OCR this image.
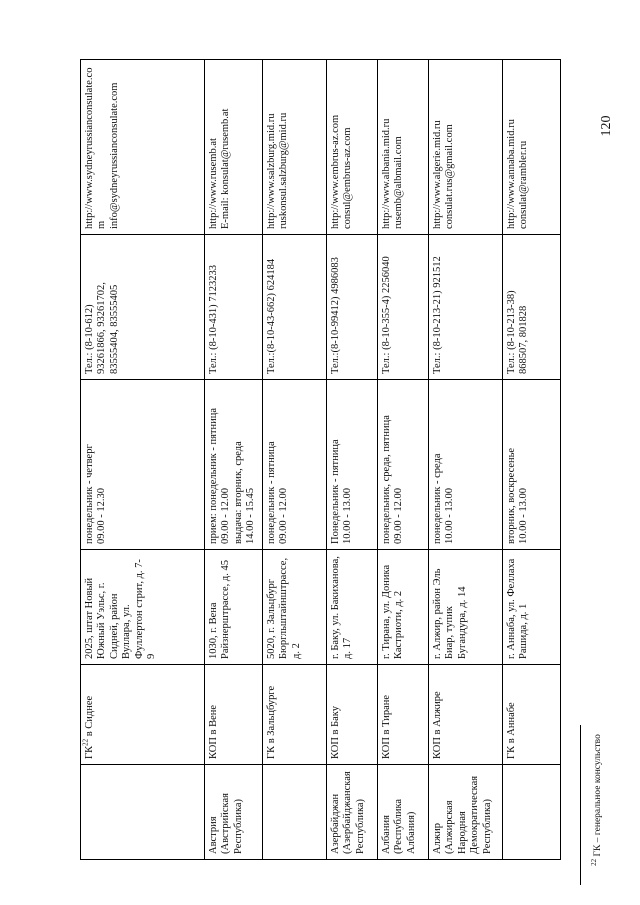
120
	ГК$^{22}$ в Сиднее	2025, штат Новый Южный Уэльс, г. Сидней, район Вуллара, ул. Фуллертон стрит, д. 7-9	понедельник - четверг
09.00 - 12.30	Тел.: (8-10-612)
93261866, 93261702,
83555404, 83555405	http://www.sydneyrussianconsulate.com
info@sydneyrussianconsulate.com
Австрия
(Австрийская
Республика)	КОП в Вене	1030, г. Вена
Райзнерштрассе, д. 45	прием: понедельник - пятница
09.00 - 12.00
выдача: вторник, среда
14.00 - 15.45	Тел.: (8-10-431) 7123233	http://www.rusemb.at
E-mail: konsulat@rusemb.at
	ГК в Зальцбурге	5020, г. Зальцбург
Бюргльштайнштрассе, д. 2	понедельник - пятница
09.00 - 12.00	Тел.:(8-10-43-662) 624184	http://www.salzburg.mid.ru
ruskonsul.salzburg@mid.ru
Азербайджан
(Азербайджанская
Республика)	КОП в Баку	г. Баку, ул. Бакиханова, д. 17	Понедельник - пятница
10.00 - 13.00	Тел.:(8-10-99412) 4986083	http://www.embrus-az.com
consul@embrus-az.com
Албания
(Республика
Албания)	КОП в Тиране	г. Тирана, ул. Доника Кастриоти, д. 2	понедельник, среда, пятница
09.00 - 12.00	Тел.: (8-10-355-4) 2256040	http://www.albania.mid.ru
rusemb@albmail.com
Алжир
(Алжирская
Народная
Демократическая
Республика)	КОП в Алжире	г. Алжир, район Эль Биар, тупик Бугандура, д. 14	понедельник - среда
10.00 - 13.00	Тел.: (8-10-213-21) 921512	http://www.algerie.mid.ru
consulat.rus@gmail.com
	ГК в Аннабе	г. Аннаба, ул. Феллаха Рашида, д. 1	вторник, воскресенье
10.00 - 13.00	Тел.: (8-10-213-38)
868507, 801828	http://www.annaba.mid.ru
consulat@rambler.ru
$^{22}$ ГК – генеральное консульство
